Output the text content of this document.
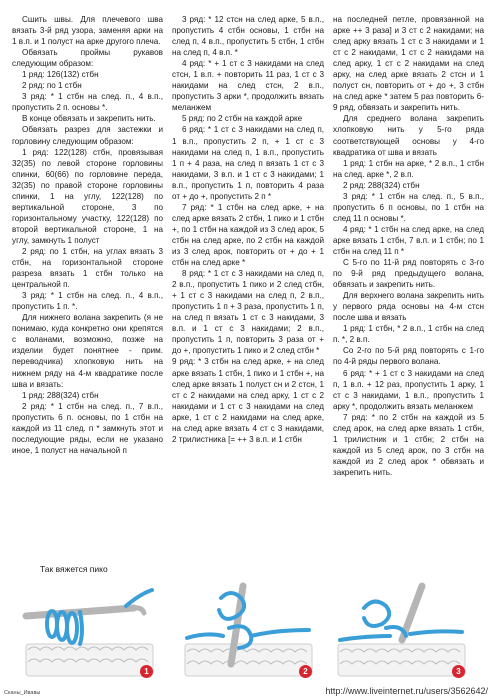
Сшить швы. Для плечевого шва вязать 3-й ряд узора, заменяя арки на 1 в.п. и 1 полуст на арке другого плеча.

Обвязать проймы рукавов следующим образом:

1 ряд: 126(132) стбн

2 ряд: по 1 стбн

3 ряд: * 1 стбн на след. п., 4 в.п., пропустить 2 п. основы *.

В конце обвязать и закрепить нить.

Обвязать разрез для застежки и горловину следующим образом:

1 ряд: 122(128) стбн, провязывая 32(35) по левой стороне горловины спинки, 60(66) по горловине переда, 32(35) по правой стороне горловины спинки, 1 на углу, 122(128) по вертикальной стороне, 3 по горизонтальному участку, 122(128) по второй вертикальной стороне, 1 на углу, замкнуть 1 полуст

2 ряд: по 1 стбн, на углах вязать 3 стбн, на горизонтальной стороне разреза вязать 1 стбн только на центральной п.

3 ряд: * 1 стбн на след. п., 4 в.п., пропустить 1 п. *.

Для нижнего волана закрепить (я не понимаю, куда конкретно они крепятся с воланами, возможно, позже на изделии будет понятнее - прим. переводчика) хлопковую нить на нижнем ряду на 4-м квадратике после шва и вязать:

1 ряд: 288(324) стбн

2 ряд: * 1 стбн на след. п., 7 в.п., пропустить 6 п. основы, по 1 стбн на каждой из 11 след. п * замкнуть этот и последующие ряды, если не указано иное, 1 полуст на начальной п

3 ряд: * 12 стсн на след арке, 5 в.п., пропустить 4 стбн основы, 1 стбн на след п, 4 в.п., пропустить 5 стбн, 1 стбн на след п, 4 в.п. *

4 ряд: * + 1 ст с 3 накидами на след стсн, 1 в.п. + повторить 11 раз, 1 ст с 3 накидами на след стсн, 2 в.п., пропустить 3 арки *, продолжить вязать меланжем

5 ряд: по 2 стбн на каждой арке

6 ряд: * 1 ст с 3 накидами на след п, 1 в.п., пропустить 2 п, + 1 ст с 3 накидами на след п, 1 в.п., пропустить 1 п + 4 раза, на след п вязать 1 ст с 3 накидами, 3 в.п. и 1 ст с 3 накидами; 1 в.п., пропустить 1 п, повторить 4 раза от + до +, пропустить 2 п *

7 ряд: * 1 стбн на след арке, + на след арке вязать 2 стбн, 1 пико и 1 стбн +, по 1 стбн на каждой из 3 след арок, 5 стбн на след арке, по 2 стбн на каждой из 3 след арок, повторить от + до + 1 стбн на след арке *

8 ряд: * 1 ст с 3 накидами на след п, 2 в.п., пропустить 1 пико и 2 след стбн, + 1 ст с 3 накидами на след п, 2 в.п., пропустить 1 п + 3 раза, пропустить 1 п, на след п вязать 1 ст с 3 накидами, 3 в.п. и 1 ст с 3 накидами; 2 в.п., пропустить 1 п, повторить 3 раза от + до +, пропустить 1 пико и 2 след стбн *

9 ряд: * 3 стбн на след арке, + на след арке вязать 1 стбн, 1 пико и 1 стбн +, на след арке вязать 1 полуст сн и 2 стсн, 1 ст с 2 накидами на след арку, 1 ст с 2 накидами и 1 ст с 3 накидами на след арке, 1 ст с 2 накидами на след арке, на след арке вязать 4 ст с 3 накидами, 2 трилистника [= ++ 3 в.п. и 1 стбн

на последней петле, провязанной на арке ++ 3 раза] и 3 ст с 2 накидами; на след арку вязать 1 ст с 3 накидами и 1 ст с 2 накидами, 1 ст с 2 накидами на след арку, 1 ст с 2 накидами на след арку, на след арке вязать 2 стсн и 1 полуст сн, повторить от + до +, 3 стбн на след арке * затем 5 раз повторить 6-9 ряд, обвязать и закрепить нить.

Для среднего волана закрепить хлопковую нить у 5-го ряда соответствующей основы у 4-го квадратика от шва и вязать

1 ряд: 1 стбн на арке, * 2 в.п., 1 стбн на след. арке *, 2 в.п.

2 ряд: 288(324) стбн

3 ряд: * 1 стбн на след. п., 5 в.п., пропустить 6 п основы, по 1 стбн на след 11 п основы *.

4 ряд: * 1 стбн на след арке, на след арке вязать 1 стбн, 7 в.п. и 1 стбн; по 1 стбн на след 11 п *

С 5-го по 11-й ряд повторять с 3-го по 9-й ряд предыдущего волана, обвязать и закрепить нить.

Для верхнего волана закрепить нить у первого ряда основы на 4-м стсн после шва и вязать

1 ряд: 1 стбн, * 2 в.п., 1 стбн на след п. *, 2 в.п.

Со 2-го по 5-й ряд повторять с 1-го по 4-й ряды первого волана.

6 ряд: * + 1 ст с 3 накидами на след п, 1 в.п. + 12 раз, пропустить 1 арку, 1 ст с 3 накидами, 1 в.п., пропустить 1 арку *, продолжить вязать меланжем

7 ряд: * по 2 стбн на каждой из 5 след арок, на след арке вязать 1 стбн, 1 трилистник и 1 стбн; 2 стбн на каждой из 5 след арок, по 3 стбн на каждой из 2 след арок * обвязать и закрепить нить.

Так вяжется пико
1	2	3
Сканы_Ивавы	http://www.liveinternet.ru/users/3562642/
